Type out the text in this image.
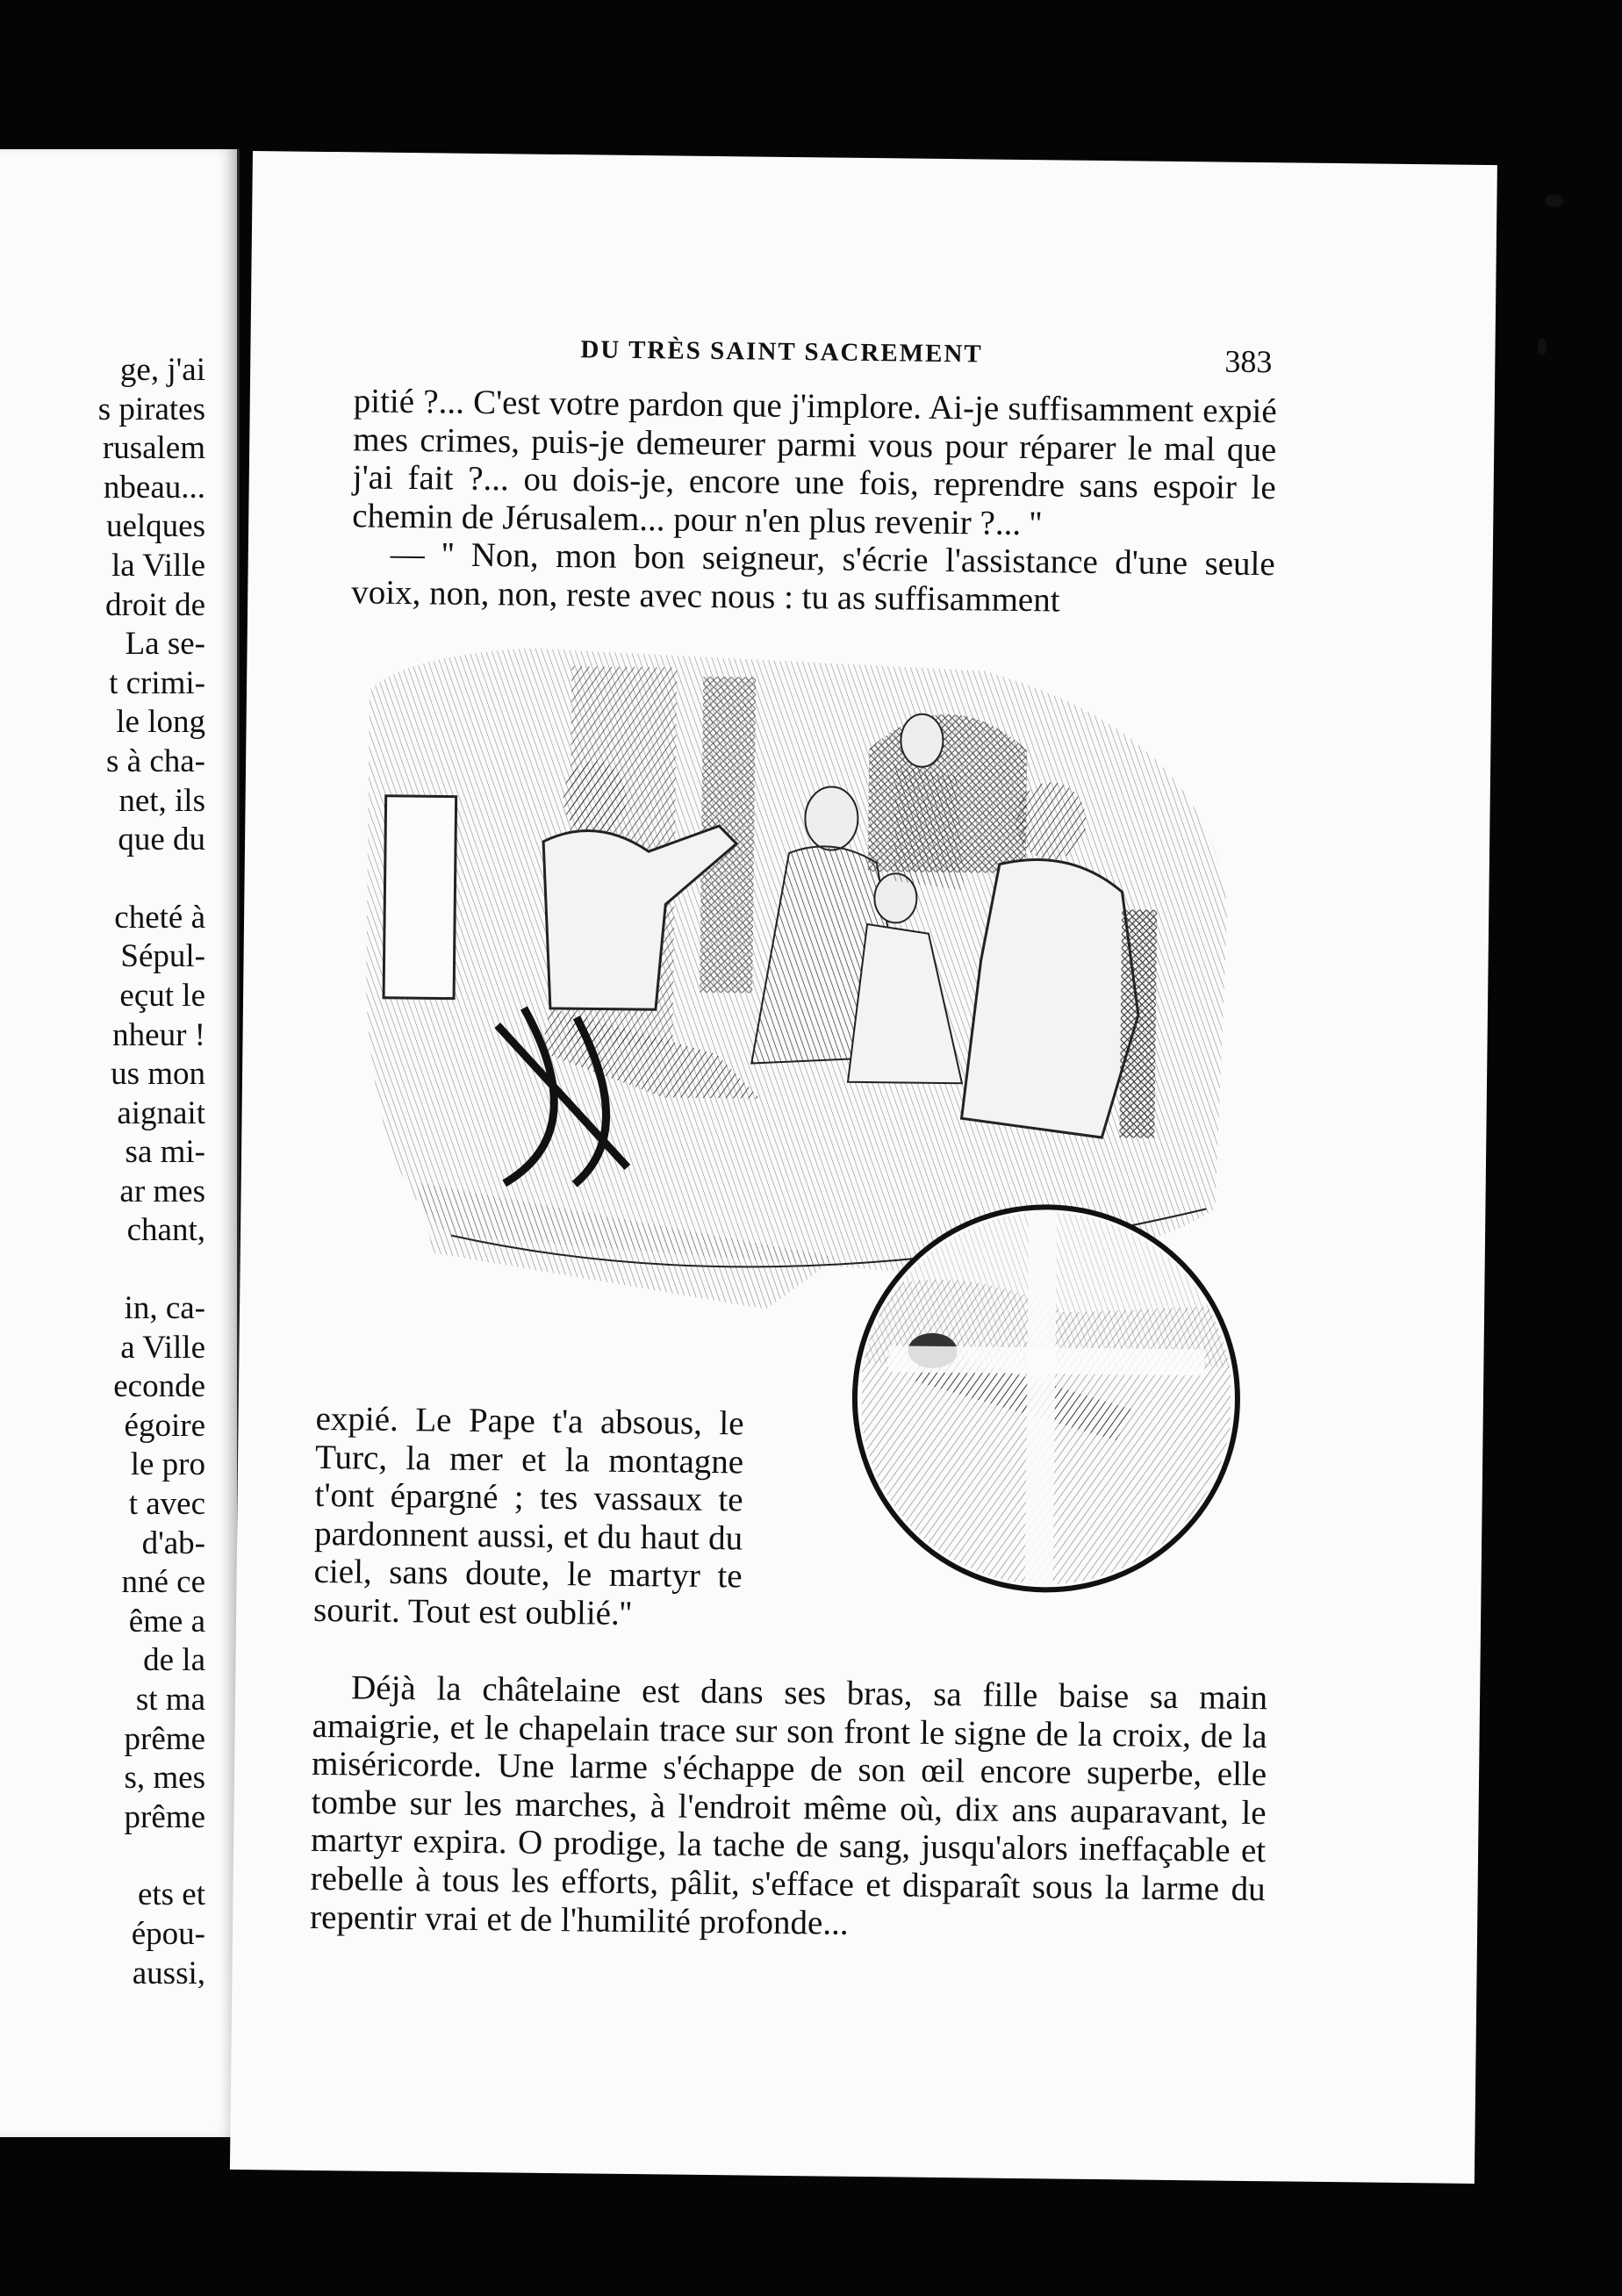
ge, j'ai
s pirates
rusalem
nbeau...
uelques
la Ville
droit de
La se-
t crimi-
le long
s à cha-
net, ils
que du
cheté à
Sépul-
eçut le
nheur !
us mon
aignait
sa mi-
ar mes
chant,
in, ca-
a Ville
econde
égoire
le pro
t avec
d'ab-
nné ce
ême a
de la
st ma
prême
s, mes
prême
ets et
épou-
aussi,
DU TRÈS SAINT SACREMENT	383

pitié ?... C'est votre pardon que j'implore. Ai-je suffisamment expié mes crimes, puis-je demeurer parmi vous pour réparer le mal que j'ai fait ?... ou dois-je, encore une fois, reprendre sans espoir le chemin de Jérusalem... pour n'en plus revenir ?... ''

— '' Non, mon bon seigneur, s'écrie l'assistance d'une seule voix, non, non, reste avec nous : tu as suffisamment

expié. Le Pape t'a absous, le Turc, la mer et la montagne t'ont épargné ; tes vassaux te pardonnent aussi, et du haut du ciel, sans doute, le martyr te sourit. Tout est oublié.''

Déjà la châtelaine est dans ses bras, sa fille baise sa main amaigrie, et le chapelain trace sur son front le signe de la croix, de la miséricorde. Une larme s'échappe de son œil encore superbe, elle tombe sur les marches, à l'endroit même où, dix ans auparavant, le martyr expira. O prodige, la tache de sang, jusqu'alors ineffaçable et rebelle à tous les efforts, pâlit, s'efface et disparaît sous la larme du repentir vrai et de l'humilité profonde...
